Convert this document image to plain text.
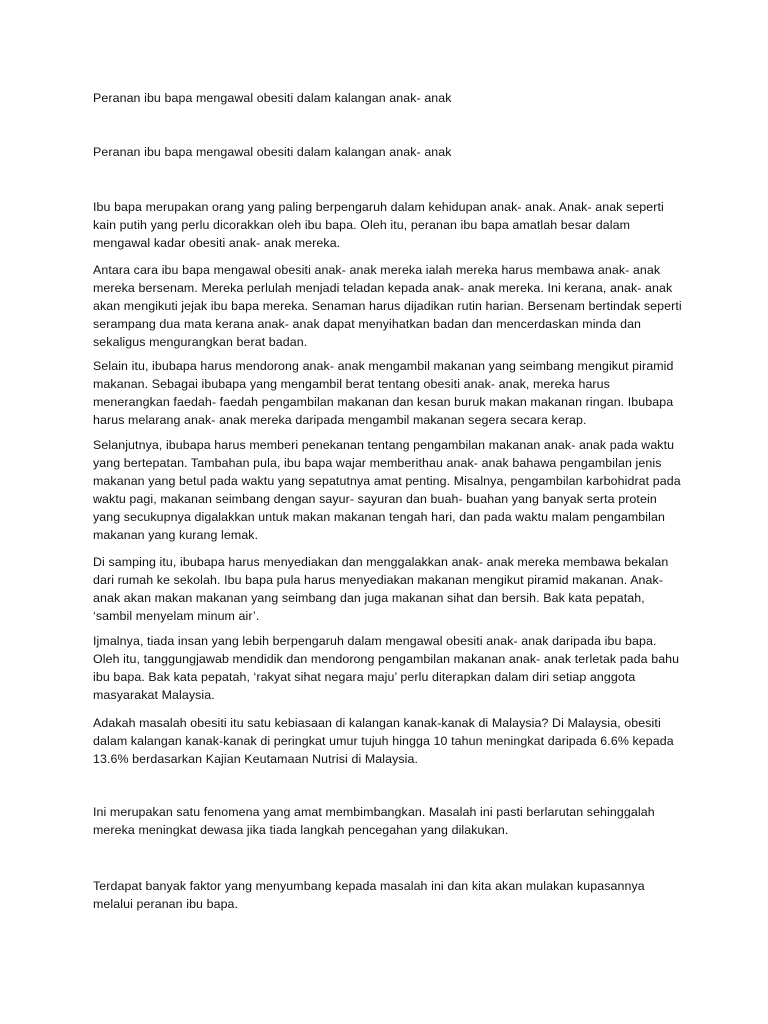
Peranan ibu bapa mengawal obesiti dalam kalangan anak- anak
Peranan ibu bapa mengawal obesiti dalam kalangan anak- anak
Ibu bapa merupakan orang yang paling berpengaruh dalam kehidupan anak- anak. Anak- anak seperti kain putih yang perlu dicorakkan oleh ibu bapa. Oleh itu, peranan ibu bapa amatlah besar dalam mengawal kadar obesiti anak- anak mereka.
Antara cara ibu bapa mengawal obesiti anak- anak mereka ialah mereka harus membawa anak- anak mereka bersenam. Mereka perlulah menjadi teladan kepada anak- anak mereka. Ini kerana, anak- anak akan mengikuti jejak ibu bapa mereka. Senaman harus dijadikan rutin harian. Bersenam bertindak seperti serampang dua mata kerana anak- anak dapat menyihatkan badan dan mencerdaskan minda dan sekaligus mengurangkan berat badan.
Selain itu, ibubapa harus mendorong anak- anak mengambil makanan yang seimbang mengikut piramid makanan. Sebagai ibubapa yang mengambil berat tentang obesiti anak- anak, mereka harus menerangkan faedah- faedah pengambilan makanan dan kesan buruk makan makanan ringan. Ibubapa harus melarang anak- anak mereka daripada mengambil makanan segera secara kerap.
Selanjutnya, ibubapa harus memberi penekanan tentang pengambilan makanan anak- anak pada waktu yang bertepatan. Tambahan pula, ibu bapa wajar memberithau anak- anak bahawa pengambilan jenis makanan yang betul pada waktu yang sepatutnya amat penting. Misalnya, pengambilan karbohidrat pada waktu pagi, makanan seimbang dengan sayur- sayuran dan buah- buahan yang banyak serta protein yang secukupnya digalakkan untuk makan makanan tengah hari, dan pada waktu malam pengambilan makanan yang kurang lemak.
Di samping itu, ibubapa harus menyediakan dan menggalakkan anak- anak mereka membawa bekalan dari rumah ke sekolah. Ibu bapa pula harus menyediakan makanan mengikut piramid makanan. Anak- anak akan makan makanan yang seimbang dan juga makanan sihat dan bersih. Bak kata pepatah, ‘sambil menyelam minum air’.
Ijmalnya, tiada insan yang lebih berpengaruh dalam mengawal obesiti anak- anak daripada ibu bapa. Oleh itu, tanggungjawab mendidik dan mendorong pengambilan makanan anak- anak terletak pada bahu ibu bapa. Bak kata pepatah, ‘rakyat sihat negara maju’ perlu diterapkan dalam diri setiap anggota masyarakat Malaysia.
Adakah masalah obesiti itu satu kebiasaan di kalangan kanak-kanak di Malaysia? Di Malaysia, obesiti dalam kalangan kanak-kanak di peringkat umur tujuh hingga 10 tahun meningkat daripada 6.6% kepada 13.6% berdasarkan Kajian Keutamaan Nutrisi di Malaysia.
Ini merupakan satu fenomena yang amat membimbangkan. Masalah ini pasti berlarutan sehinggalah mereka meningkat dewasa jika tiada langkah pencegahan yang dilakukan.
Terdapat banyak faktor yang menyumbang kepada masalah ini dan kita akan mulakan kupasannya melalui peranan ibu bapa.
